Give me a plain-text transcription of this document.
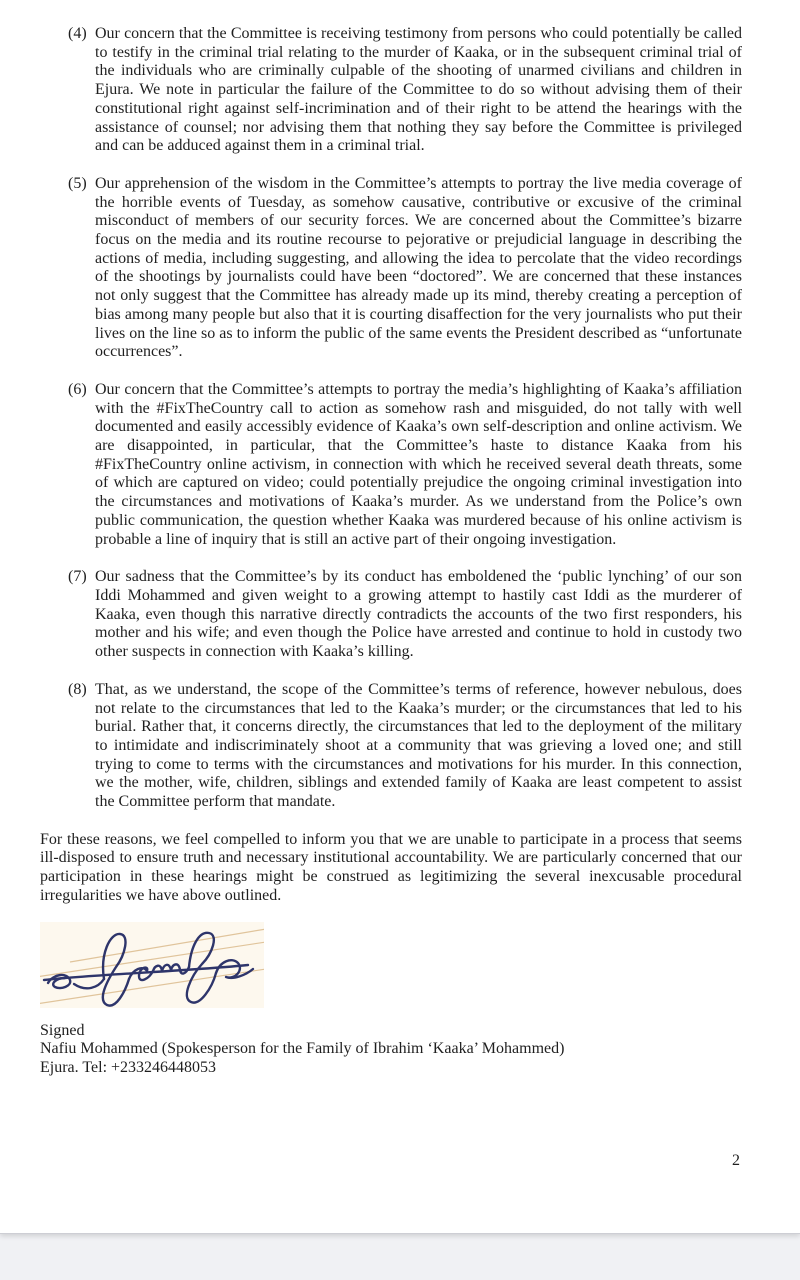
(4) Our concern that the Committee is receiving testimony from persons who could potentially be called to testify in the criminal trial relating to the murder of Kaaka, or in the subsequent criminal trial of the individuals who are criminally culpable of the shooting of unarmed civilians and children in Ejura. We note in particular the failure of the Committee to do so without advising them of their constitutional right against self-incrimination and of their right to be attend the hearings with the assistance of counsel; nor advising them that nothing they say before the Committee is privileged and can be adduced against them in a criminal trial.
(5) Our apprehension of the wisdom in the Committee’s attempts to portray the live media coverage of the horrible events of Tuesday, as somehow causative, contributive or excusive of the criminal misconduct of members of our security forces. We are concerned about the Committee’s bizarre focus on the media and its routine recourse to pejorative or prejudicial language in describing the actions of media, including suggesting, and allowing the idea to percolate that the video recordings of the shootings by journalists could have been “doctored”. We are concerned that these instances not only suggest that the Committee has already made up its mind, thereby creating a perception of bias among many people but also that it is courting disaffection for the very journalists who put their lives on the line so as to inform the public of the same events the President described as “unfortunate occurrences”.
(6) Our concern that the Committee’s attempts to portray the media’s highlighting of Kaaka’s affiliation with the #FixTheCountry call to action as somehow rash and misguided, do not tally with well documented and easily accessibly evidence of Kaaka’s own self-description and online activism. We are disappointed, in particular, that the Committee’s haste to distance Kaaka from his #FixTheCountry online activism, in connection with which he received several death threats, some of which are captured on video; could potentially prejudice the ongoing criminal investigation into the circumstances and motivations of Kaaka’s murder. As we understand from the Police’s own public communication, the question whether Kaaka was murdered because of his online activism is probable a line of inquiry that is still an active part of their ongoing investigation.
(7) Our sadness that the Committee’s by its conduct has emboldened the ‘public lynching’ of our son Iddi Mohammed and given weight to a growing attempt to hastily cast Iddi as the murderer of Kaaka, even though this narrative directly contradicts the accounts of the two first responders, his mother and his wife; and even though the Police have arrested and continue to hold in custody two other suspects in connection with Kaaka’s killing.
(8) That, as we understand, the scope of the Committee’s terms of reference, however nebulous, does not relate to the circumstances that led to the Kaaka’s murder; or the circumstances that led to his burial. Rather that, it concerns directly, the circumstances that led to the deployment of the military to intimidate and indiscriminately shoot at a community that was grieving a loved one; and still trying to come to terms with the circumstances and motivations for his murder. In this connection, we the mother, wife, children, siblings and extended family of Kaaka are least competent to assist the Committee perform that mandate.

For these reasons, we feel compelled to inform you that we are unable to participate in a process that seems ill-disposed to ensure truth and necessary institutional accountability. We are particularly concerned that our participation in these hearings might be construed as legitimizing the several inexcusable procedural irregularities we have above outlined.

Signed
Nafiu Mohammed (Spokesperson for the Family of Ibrahim ‘Kaaka’ Mohammed)
Ejura. Tel: +233246448053
2
